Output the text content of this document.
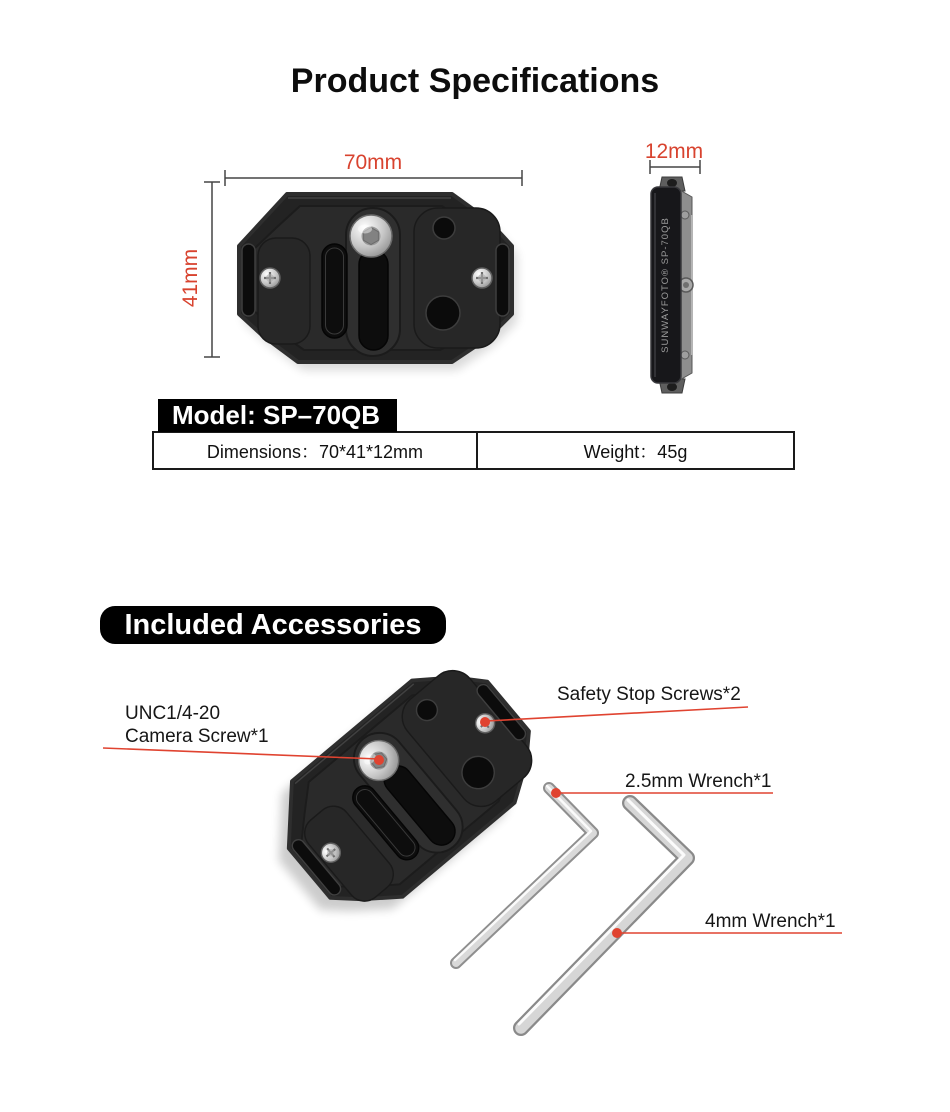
Product Specifications
SUNWAYFOTO® SP-70QB	70mm
41mm
12mm
Model: SP–70QB
Dimensions：70*41*12mm	Weight：45g
Included Accessories
UNC1/4-20
Camera Screw*1
Safety Stop Screws*2
2.5mm Wrench*1
4mm Wrench*1
